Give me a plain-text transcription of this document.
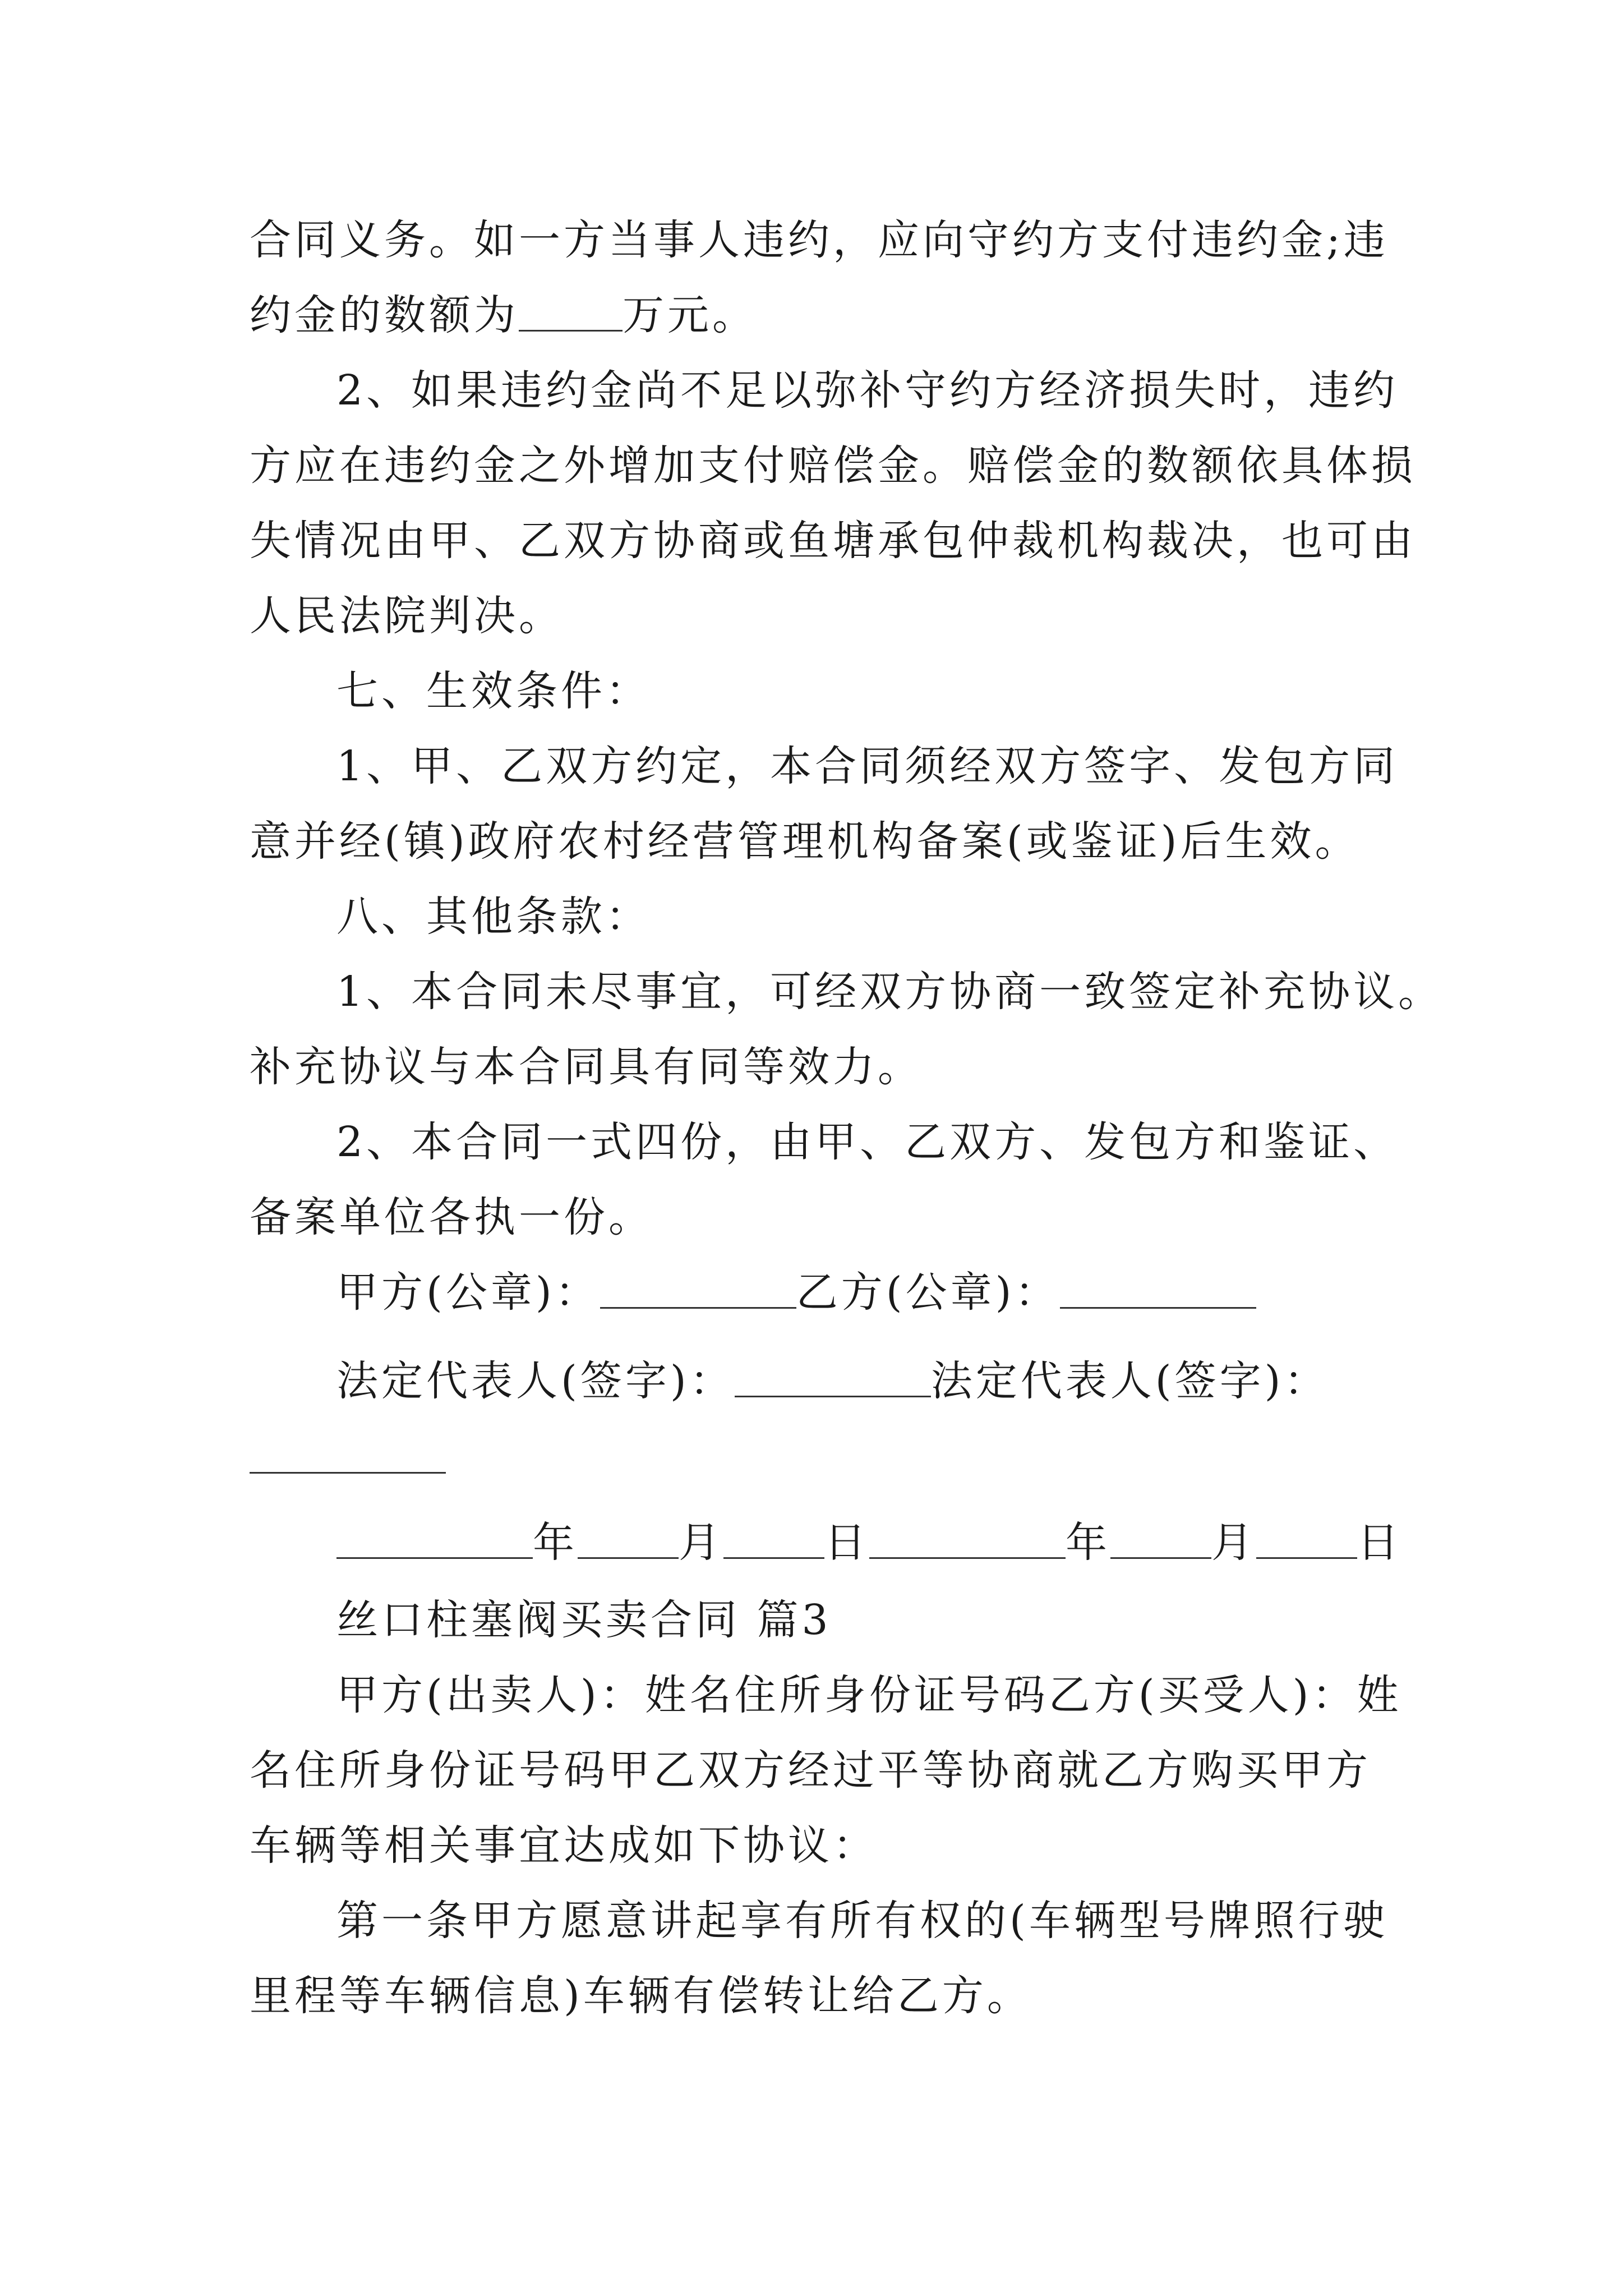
合同义务。如一方当事人违约，应向守约方支付违约金;违
约金的数额为	万元。
2、如果违约金尚不足以弥补守约方经济损失时，违约
方应在违约金之外增加支付赔偿金。赔偿金的数额依具体损
失情况由甲、乙双方协商或鱼塘承包仲裁机构裁决，也可由
人民法院判决。
七、生效条件：
1、甲、乙双方约定，本合同须经双方签字、发包方同
意并经(镇)政府农村经营管理机构备案(或鉴证)后生效。
八、其他条款：
1、本合同未尽事宜，可经双方协商一致签定补充协议。
补充协议与本合同具有同等效力。
2、本合同一式四份，由甲、乙双方、发包方和鉴证、
备案单位各执一份。
甲方(公章)：	乙方(公章)：
法定代表人(签字)：	法定代表人(签字)：
年 月 日	年 月 日
丝口柱塞阀买卖合同 篇3
甲方(出卖人)：姓名住所身份证号码乙方(买受人)：姓
名住所身份证号码甲乙双方经过平等协商就乙方购买甲方
车辆等相关事宜达成如下协议：
第一条甲方愿意讲起享有所有权的(车辆型号牌照行驶
里程等车辆信息)车辆有偿转让给乙方。
